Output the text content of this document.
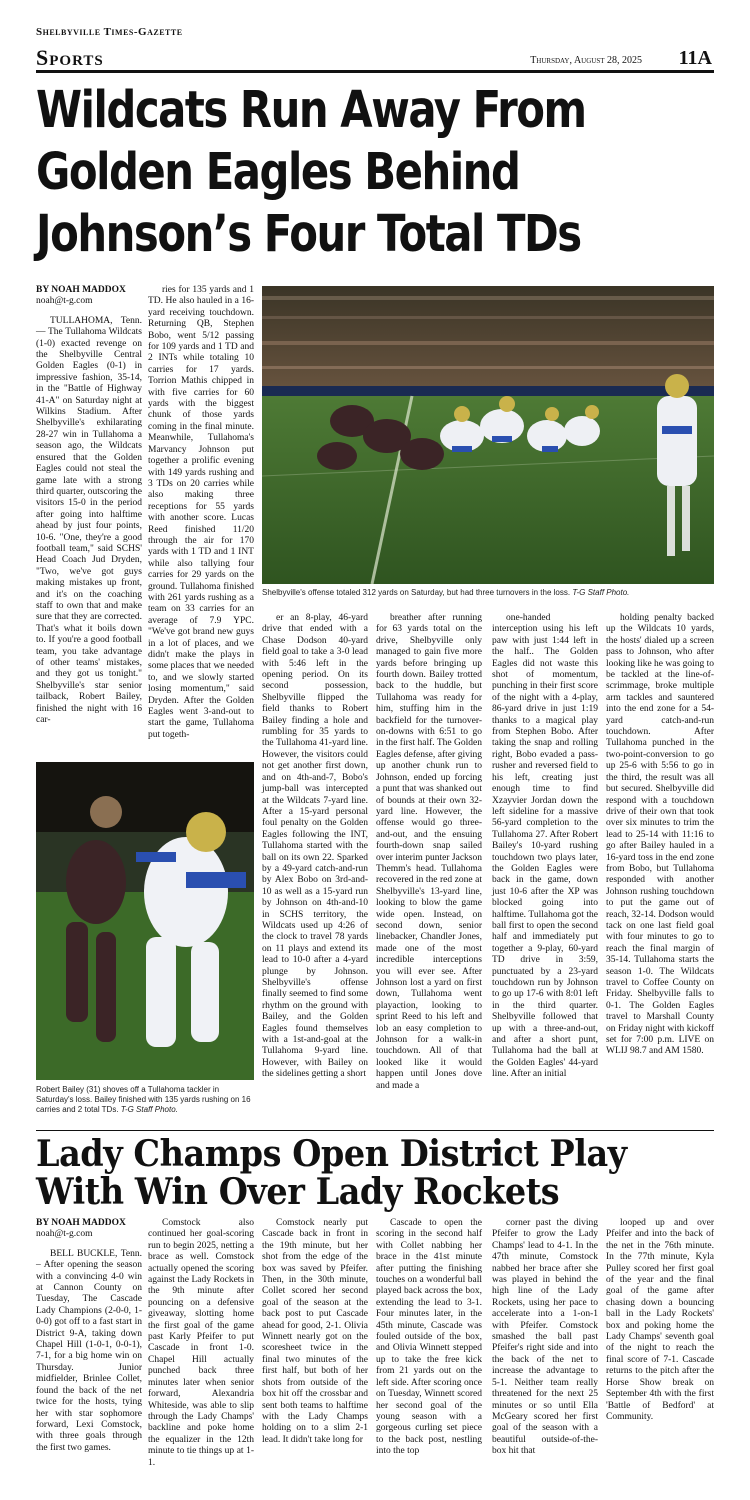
Shelbyville Times-Gazette
Sports	Thursday, August 28, 2025 11A
Wildcats Run Away From
Golden Eagles Behind
Johnson’s Four Total TDs
BY NOAH MADDOX
noah@t-g.com

TULLAHOMA, Tenn. — The Tullahoma Wildcats (1-0) exacted revenge on the Shelbyville Central Golden Eagles (0-1) in impressive fashion, 35-14, in the "Battle of Highway 41-A" on Saturday night at Wilkins Stadium. After Shelbyville's exhilarating 28-27 win in Tullahoma a season ago, the Wildcats ensured that the Golden Eagles could not steal the game late with a strong third quarter, outscoring the visitors 15-0 in the period after going into halftime ahead by just four points, 10-6. "One, they're a good football team," said SCHS' Head Coach Jud Dryden, "Two, we've got guys making mistakes up front, and it's on the coaching staff to own that and make sure that they are corrected. That's what it boils down to. If you're a good football team, you take advantage of other teams' mistakes, and they got us tonight." Shelbyville's star senior tailback, Robert Bailey, finished the night with 16 car-

ries for 135 yards and 1 TD. He also hauled in a 16-yard receiving touchdown. Returning QB, Stephen Bobo, went 5/12 passing for 109 yards and 1 TD and 2 INTs while totaling 10 carries for 17 yards. Torrion Mathis chipped in with five carries for 60 yards with the biggest chunk of those yards coming in the final minute. Meanwhile, Tullahoma's Marvancy Johnson put together a prolific evening with 149 yards rushing and 3 TDs on 20 carries while also making three receptions for 55 yards with another score. Lucas Reed finished 11/20 through the air for 170 yards with 1 TD and 1 INT while also tallying four carries for 29 yards on the ground. Tullahoma finished with 261 yards rushing as a team on 33 carries for an average of 7.9 YPC. "We've got brand new guys in a lot of places, and we didn't make the plays in some places that we needed to, and we slowly started losing momentum," said Dryden. After the Golden Eagles went 3-and-out to start the game, Tullahoma put togeth-

Shelbyville's offense totaled 312 yards on Saturday, but had three turnovers in the loss. T-G Staff Photo.
Robert Bailey (31) shoves off a Tullahoma tackler in Saturday's loss. Bailey finished with 135 yards rushing on 16 carries and 2 total TDs. T-G Staff Photo.

er an 8-play, 46-yard drive that ended with a Chase Dodson 40-yard field goal to take a 3-0 lead with 5:46 left in the opening period. On its second possession, Shelbyville flipped the field thanks to Robert Bailey finding a hole and rumbling for 35 yards to the Tullahoma 41-yard line. However, the visitors could not get another first down, and on 4th-and-7, Bobo's jump-ball was intercepted at the Wildcats 7-yard line. After a 15-yard personal foul penalty on the Golden Eagles following the INT, Tullahoma started with the ball on its own 22. Sparked by a 49-yard catch-and-run by Alex Bobo on 3rd-and-10 as well as a 15-yard run by Johnson on 4th-and-10 in SCHS territory, the Wildcats used up 4:26 of the clock to travel 78 yards on 11 plays and extend its lead to 10-0 after a 4-yard plunge by Johnson. Shelbyville's offense finally seemed to find some rhythm on the ground with Bailey, and the Golden Eagles found themselves with a 1st-and-goal at the Tullahoma 9-yard line. However, with Bailey on the sidelines getting a short

breather after running for 63 yards total on the drive, Shelbyville only managed to gain five more yards before bringing up fourth down. Bailey trotted back to the huddle, but Tullahoma was ready for him, stuffing him in the backfield for the turnover-on-downs with 6:51 to go in the first half. The Golden Eagles defense, after giving up another chunk run to Johnson, ended up forcing a punt that was shanked out of bounds at their own 32-yard line. However, the offense would go three-and-out, and the ensuing fourth-down snap sailed over interim punter Jackson Themm's head. Tullahoma recovered in the red zone at Shelbyville's 13-yard line, looking to blow the game wide open. Instead, on second down, senior linebacker, Chandler Jones, made one of the most incredible interceptions you will ever see. After Johnson lost a yard on first down, Tullahoma went playaction, looking to sprint Reed to his left and lob an easy completion to Johnson for a walk-in touchdown. All of that looked like it would happen until Jones dove and made a

one-handed interception using his left paw with just 1:44 left in the half.. The Golden Eagles did not waste this shot of momentum, punching in their first score of the night with a 4-play, 86-yard drive in just 1:19 thanks to a magical play from Stephen Bobo. After taking the snap and rolling right, Bobo evaded a pass-rusher and reversed field to his left, creating just enough time to find Xzayvier Jordan down the left sideline for a massive 56-yard completion to the Tullahoma 27. After Robert Bailey's 10-yard rushing touchdown two plays later, the Golden Eagles were back in the game, down just 10-6 after the XP was blocked going into halftime. Tullahoma got the ball first to open the second half and immediately put together a 9-play, 60-yard TD drive in 3:59, punctuated by a 23-yard touchdown run by Johnson to go up 17-6 with 8:01 left in the third quarter. Shelbyville followed that up with a three-and-out, and after a short punt, Tullahoma had the ball at the Golden Eagles' 44-yard line. After an initial

holding penalty backed up the Wildcats 10 yards, the hosts' dialed up a screen pass to Johnson, who after looking like he was going to be tackled at the line-of-scrimmage, broke multiple arm tackles and sauntered into the end zone for a 54-yard catch-and-run touchdown. After Tullahoma punched in the two-point-conversion to go up 25-6 with 5:56 to go in the third, the result was all but secured. Shelbyville did respond with a touchdown drive of their own that took over six minutes to trim the lead to 25-14 with 11:16 to go after Bailey hauled in a 16-yard toss in the end zone from Bobo, but Tullahoma responded with another Johnson rushing touchdown to put the game out of reach, 32-14. Dodson would tack on one last field goal with four minutes to go to reach the final margin of 35-14. Tullahoma starts the season 1-0. The Wildcats travel to Coffee County on Friday. Shelbyville falls to 0-1. The Golden Eagles travel to Marshall County on Friday night with kickoff set for 7:00 p.m. LIVE on WLIJ 98.7 and AM 1580.

Lady Champs Open District Play
With Win Over Lady Rockets
BY NOAH MADDOX
noah@t-g.com

BELL BUCKLE, Tenn. – After opening the season with a convincing 4-0 win at Cannon County on Tuesday, The Cascade Lady Champions (2-0-0, 1-0-0) got off to a fast start in District 9-A, taking down Chapel Hill (1-0-1, 0-0-1), 7-1, for a big home win on Thursday. Junior midfielder, Brinlee Collet, found the back of the net twice for the hosts, tying her with star sophomore forward, Lexi Comstock, with three goals through the first two games.

Comstock also continued her goal-scoring run to begin 2025, netting a brace as well. Comstock actually opened the scoring against the Lady Rockets in the 9th minute after pouncing on a defensive giveaway, slotting home the first goal of the game past Karly Pfeifer to put Cascade in front 1-0. Chapel Hill actually punched back three minutes later when senior forward, Alexandria Whiteside, was able to slip through the Lady Champs' backline and poke home the equalizer in the 12th minute to tie things up at 1-1.

Comstock nearly put Cascade back in front in the 19th minute, but her shot from the edge of the box was saved by Pfeifer. Then, in the 30th minute, Collet scored her second goal of the season at the back post to put Cascade ahead for good, 2-1. Olivia Winnett nearly got on the scoresheet twice in the final two minutes of the first half, but both of her shots from outside of the box hit off the crossbar and sent both teams to halftime with the Lady Champs holding on to a slim 2-1 lead. It didn't take long for

Cascade to open the scoring in the second half with Collet nabbing her brace in the 41st minute after putting the finishing touches on a wonderful ball played back across the box, extending the lead to 3-1. Four minutes later, in the 45th minute, Cascade was fouled outside of the box, and Olivia Winnett stepped up to take the free kick from 21 yards out on the left side. After scoring once on Tuesday, Winnett scored her second goal of the young season with a gorgeous curling set piece to the back post, nestling into the top

corner past the diving Pfeifer to grow the Lady Champs' lead to 4-1. In the 47th minute, Comstock nabbed her brace after she was played in behind the high line of the Lady Rockets, using her pace to accelerate into a 1-on-1 with Pfeifer. Comstock smashed the ball past Pfeifer's right side and into the back of the net to increase the advantage to 5-1. Neither team really threatened for the next 25 minutes or so until Ella McGeary scored her first goal of the season with a beautiful outside-of-the-box hit that

looped up and over Pfeifer and into the back of the net in the 76th minute. In the 77th minute, Kyla Pulley scored her first goal of the year and the final goal of the game after chasing down a bouncing ball in the Lady Rockets' box and poking home the Lady Champs' seventh goal of the night to reach the final score of 7-1. Cascade returns to the pitch after the Horse Show break on September 4th with the first 'Battle of Bedford' at Community.
